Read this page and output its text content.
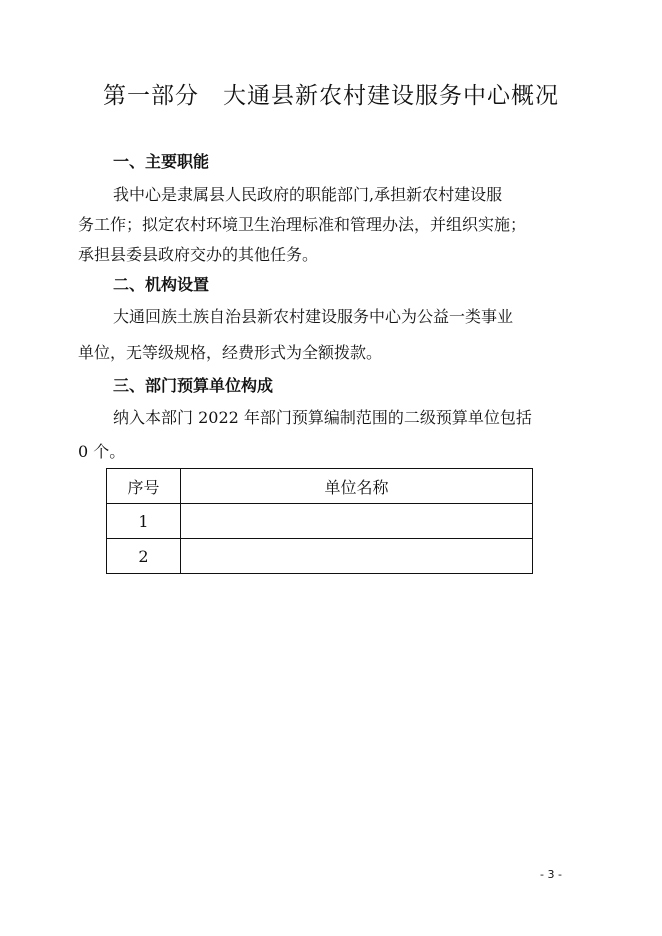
第一部分 大通县新农村建设服务中心概况
一、主要职能
我中心是隶属县人民政府的职能部门,承担新农村建设服
务工作；拟定农村环境卫生治理标准和管理办法，并组织实施；
承担县委县政府交办的其他任务。
二、机构设置
大通回族土族自治县新农村建设服务中心为公益一类事业
单位，无等级规格，经费形式为全额拨款。
三、部门预算单位构成
纳入本部门 2022 年部门预算编制范围的二级预算单位包括
0 个。
序号	单位名称
1	
2	
- 3 -
